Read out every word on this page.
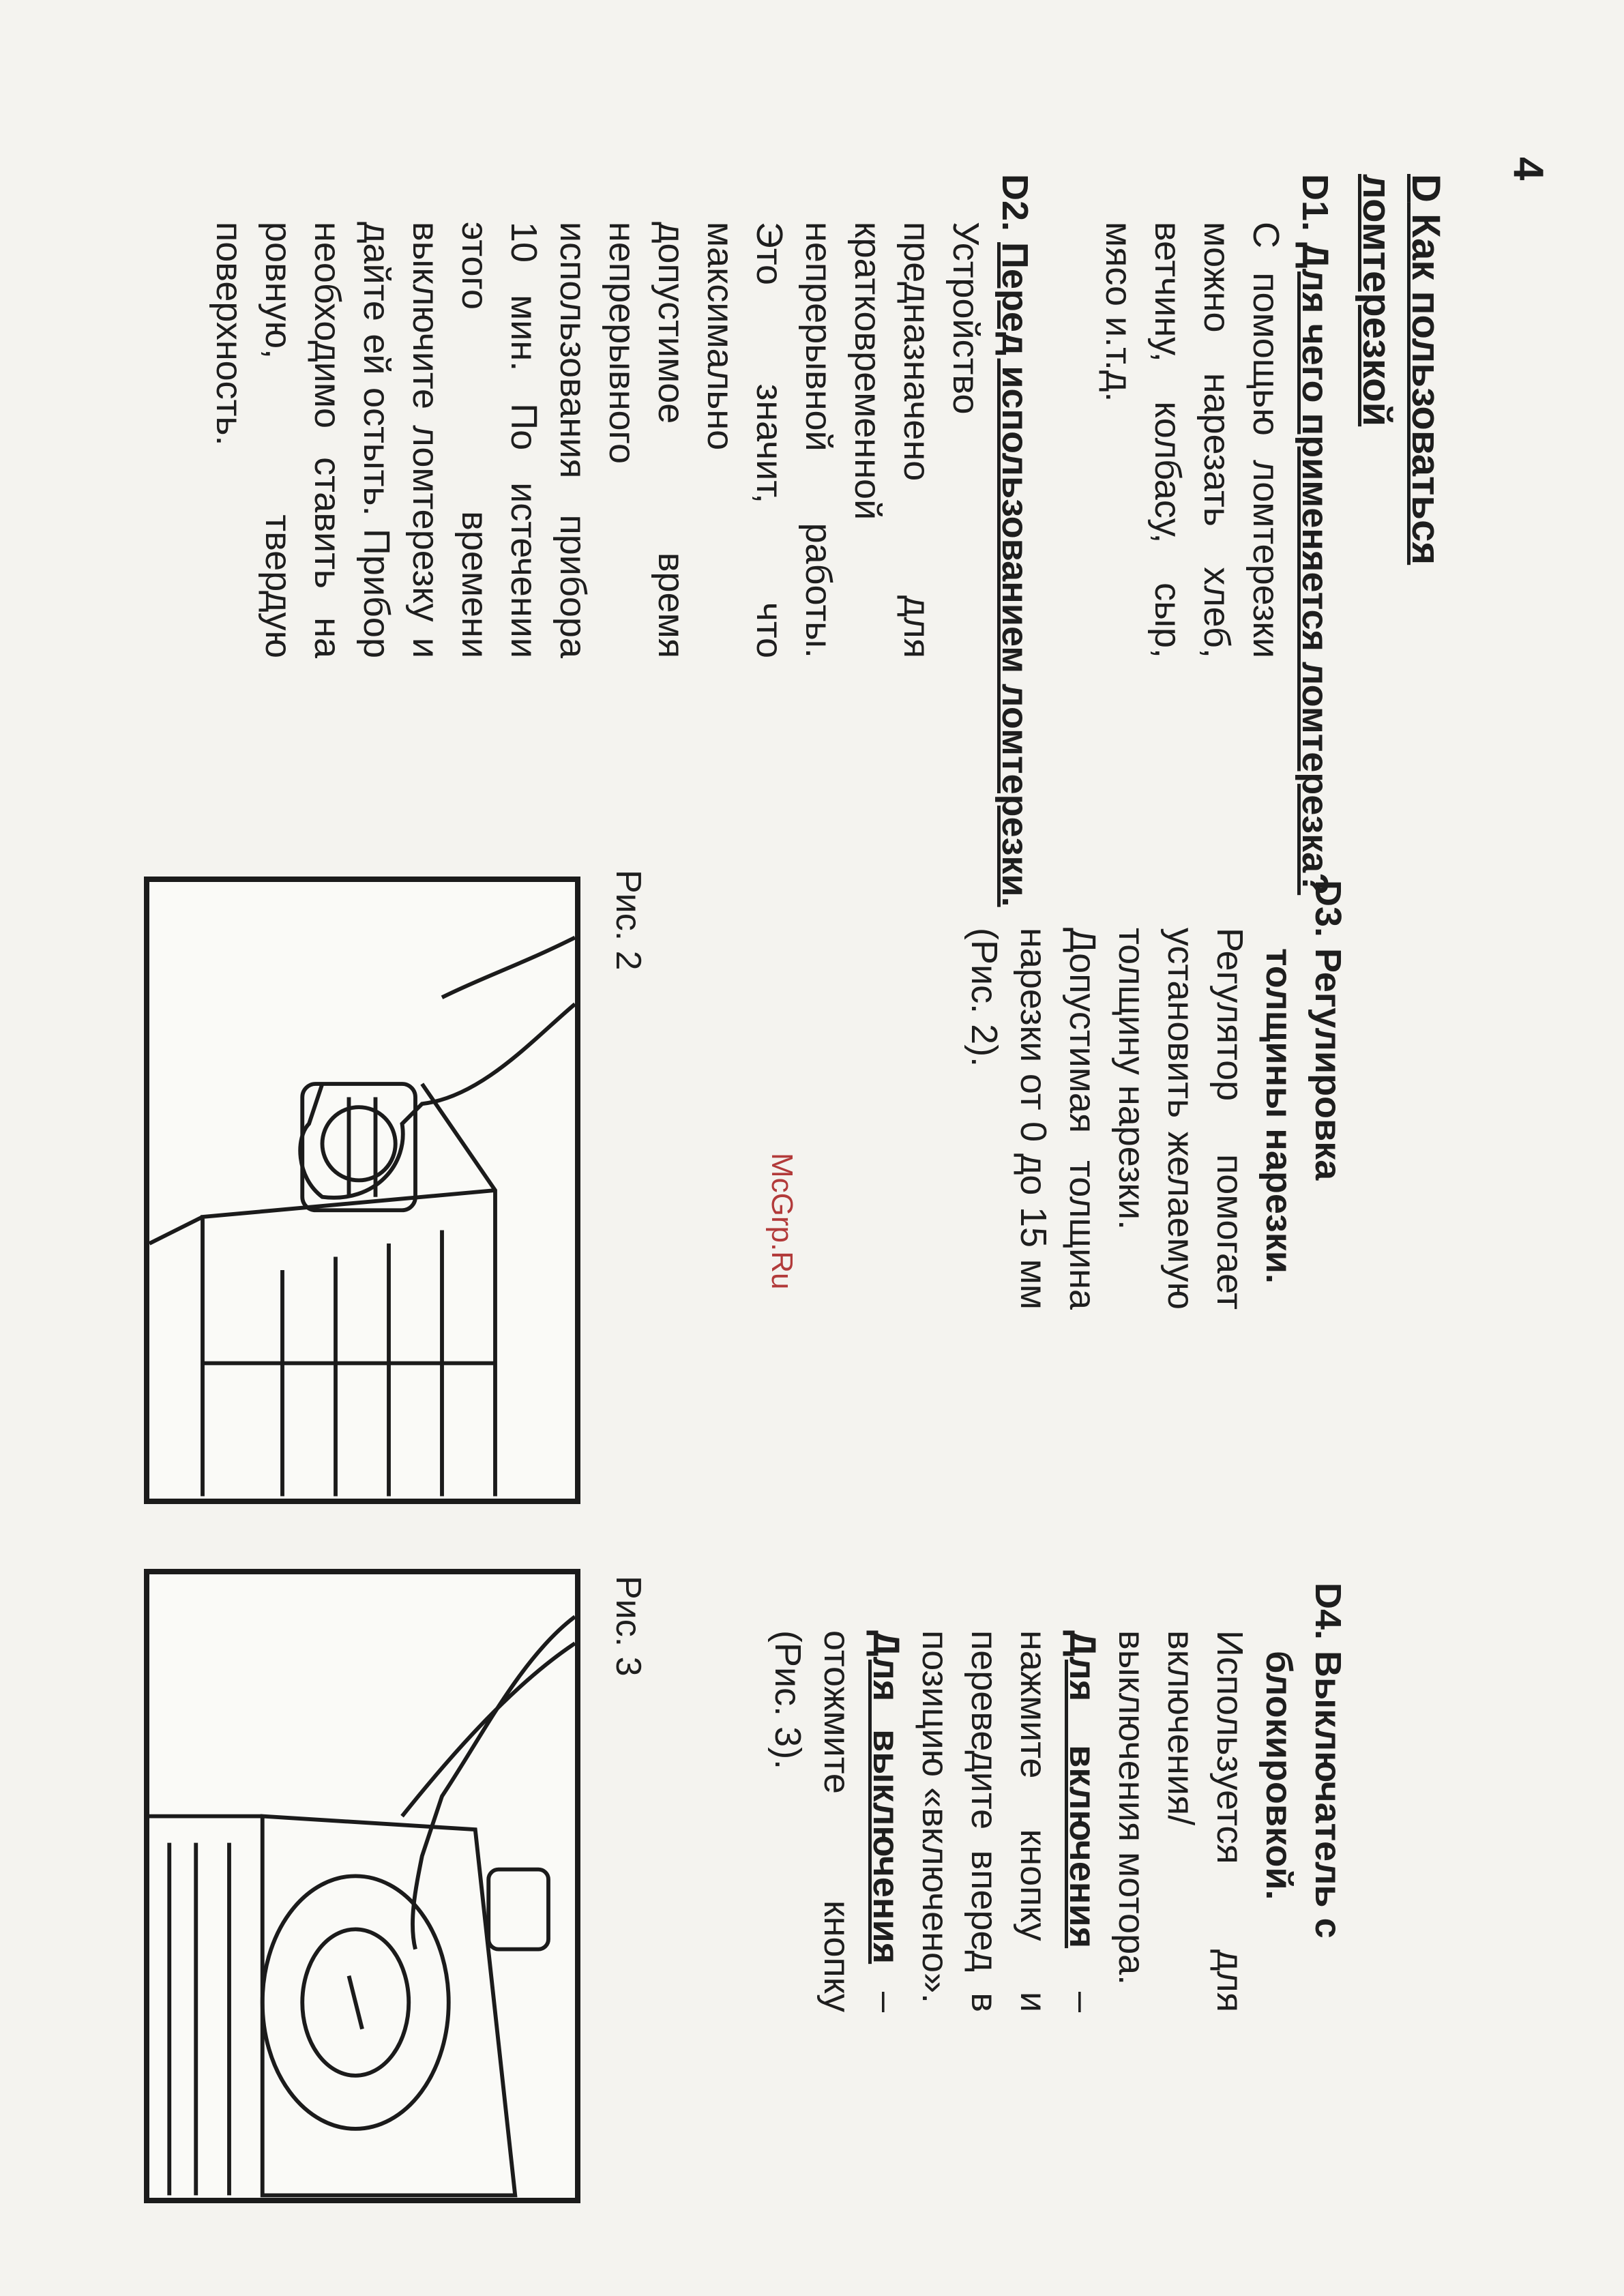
4
D Как пользоваться ломтерезкой
D1.
Для чего применяется ломтерезка?
С помощью ломтерезки можно нарезать хлеб, ветчину, колбасу, сыр, мясо и.т.д.
D2.
Перед использованием ломтерезки.
Устройство предназначено для кратковременной непрерывной работы. Это значит, что максимально допустимое время непрерывного использования прибора 10 мин. По истечении этого времени выключите ломтерезку и дайте ей остыть. Прибор необходимо ставить на ровную, твердую поверхность.
D3.
Регулировка толщины нарезки.

Регулятор помогает установить желаемую толщину нарезки.

Допустимая толщина нарезки от 0 до 15 мм (Рис. 2).

D4.
Выключатель с блокировкой.

Используется для включения/выключения мотора.

Для включения – нажмите кнопку и переведите вперед в позицию «включено».

Для выключения – отожмите кнопку (Рис. 3).

Рис. 2
Рис. 3
McGrp.Ru
